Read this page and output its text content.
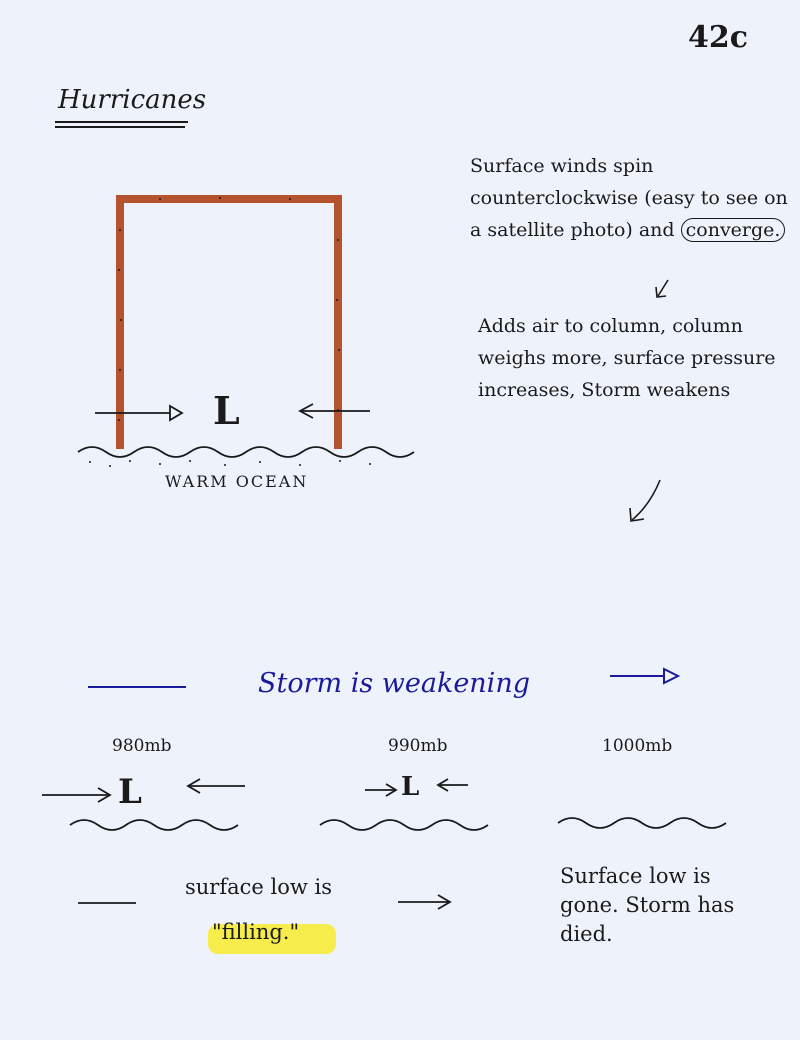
42c
Hurricanes
L
WARM OCEAN
Surface winds spin counterclockwise (easy to see on a satellite photo) and converge.
Adds air to column, column weighs more, surface pressure increases, Storm weakens
Storm is weakening
980mb	990mb	1000mb
L	L
surface low is
"filling."
Surface low is gone. Storm has died.
